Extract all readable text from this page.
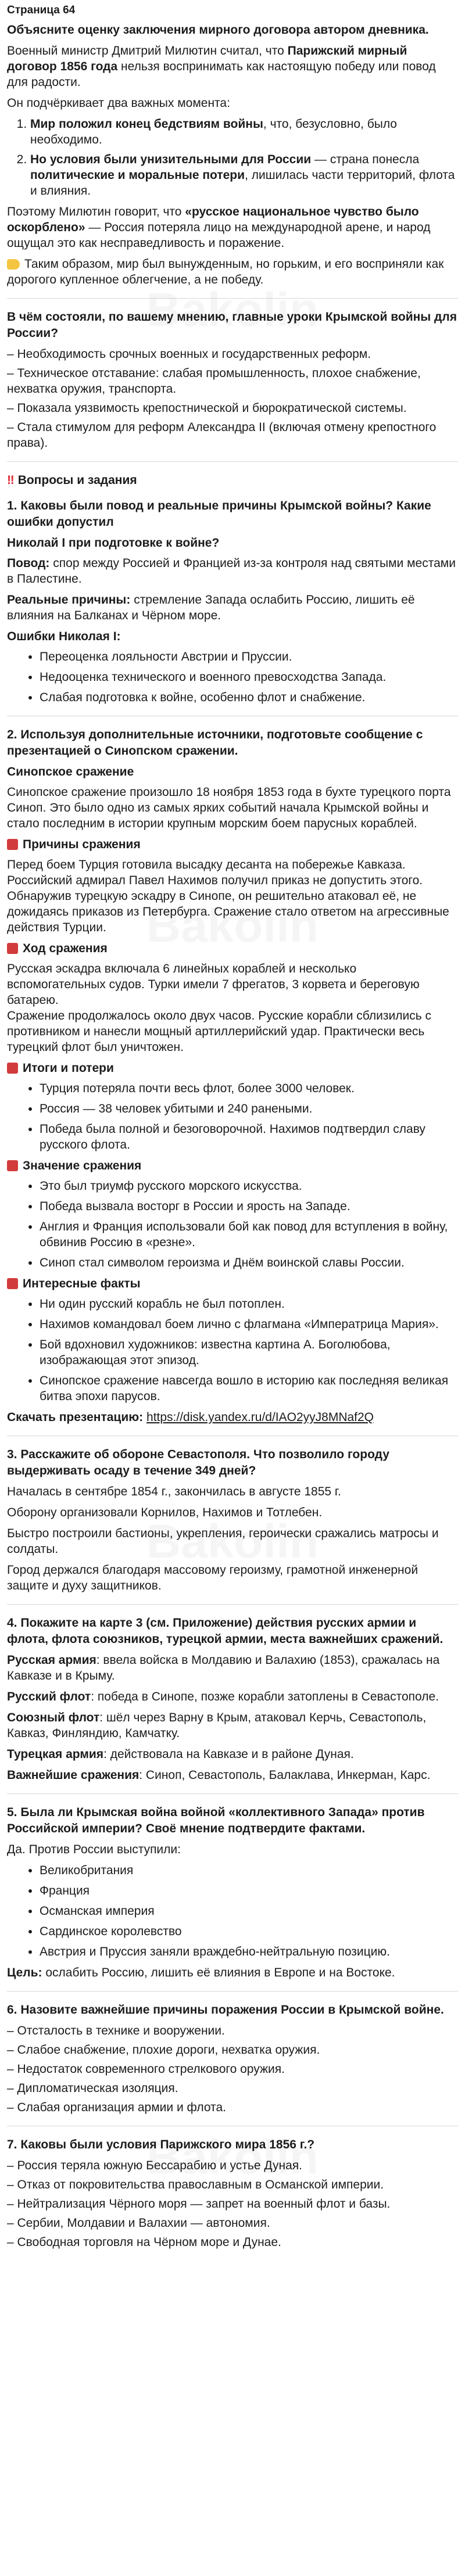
Страница 64
Объясните оценку заключения мирного договора автором дневника.

Военный министр Дмитрий Милютин считал, что Парижский мирный договор 1856 года нельзя воспринимать как настоящую победу или повод для радости.

Он подчёркивает два важных момента:

1. Мир положил конец бедствиям войны, что, безусловно, было необходимо.
2. Но условия были унизительными для России — страна понесла политические и моральные потери, лишилась части территорий, флота и влияния.

Поэтому Милютин говорит, что «русское национальное чувство было оскорблено» — Россия потеряла лицо на международной арене, и народ ощущал это как несправедливость и поражение.

Таким образом, мир был вынужденным, но горьким, и его восприняли как дорогого купленное облегчение, а не победу.

В чём состояли, по вашему мнению, главные уроки Крымской войны для России?
– Необходимость срочных военных и государственных реформ.
– Техническое отставание: слабая промышленность, плохое снабжение, нехватка оружия, транспорта.
– Показала уязвимость крепостнической и бюрократической системы.
– Стала стимулом для реформ Александра II (включая отмену крепостного права).
‼ Вопросы и задания
1. Каковы были повод и реальные причины Крымской войны? Какие ошибки допустил

Николай I при подготовке к войне?

Повод: спор между Россией и Францией из-за контроля над святыми местами в Палестине.

Реальные причины: стремление Запада ослабить Россию, лишить её влияния на Балканах и Чёрном море.

Ошибки Николая I:

• Переоценка лояльности Австрии и Пруссии.
• Недооценка технического и военного превосходства Запада.
• Слабая подготовка к войне, особенно флот и снабжение.
2. Используя дополнительные источники, подготовьте сообщение с презентацией о Синопском сражении.

Синопское сражение

Синопское сражение произошло 18 ноября 1853 года в бухте турецкого порта Синоп. Это было одно из самых ярких событий начала Крымской войны и стало последним в истории крупным морским боем парусных кораблей.

Причины сражения

Перед боем Турция готовила высадку десанта на побережье Кавказа. Российский адмирал Павел Нахимов получил приказ не допустить этого. Обнаружив турецкую эскадру в Синопе, он решительно атаковал её, не дожидаясь приказов из Петербурга. Сражение стало ответом на агрессивные действия Турции.

Ход сражения

Русская эскадра включала 6 линейных кораблей и несколько вспомогательных судов. Турки имели 7 фрегатов, 3 корвета и береговую батарею.

Сражение продолжалось около двух часов. Русские корабли сблизились с противником и нанесли мощный артиллерийский удар. Практически весь турецкий флот был уничтожен.

Итоги и потери

• Турция потеряла почти весь флот, более 3000 человек.
• Россия — 38 человек убитыми и 240 ранеными.
• Победа была полной и безоговорочной. Нахимов подтвердил славу русского флота.

Значение сражения

• Это был триумф русского морского искусства.
• Победа вызвала восторг в России и ярость на Западе.
• Англия и Франция использовали бой как повод для вступления в войну, обвинив Россию в «резне».
• Синоп стал символом героизма и Днём воинской славы России.

Интересные факты

• Ни один русский корабль не был потоплен.
• Нахимов командовал боем лично с флагмана «Императрица Мария».
• Бой вдохновил художников: известна картина А. Боголюбова, изображающая этот эпизод.
• Синопское сражение навсегда вошло в историю как последняя великая битва эпохи парусов.

Скачать презентацию: https://disk.yandex.ru/d/IAO2yyJ8MNaf2Q

3. Расскажите об обороне Севастополя. Что позволило городу выдерживать осаду в течение 349 дней?

Началась в сентябре 1854 г., закончилась в августе 1855 г.

Оборону организовали Корнилов, Нахимов и Тотлебен.

Быстро построили бастионы, укрепления, героически сражались матросы и солдаты.

Город держался благодаря массовому героизму, грамотной инженерной защите и духу защитников.

4. Покажите на карте 3 (см. Приложение) действия русских армии и флота, флота союзников, турецкой армии, места важнейших сражений.

Русская армия: ввела войска в Молдавию и Валахию (1853), сражалась на Кавказе и в Крыму.

Русский флот: победа в Синопе, позже корабли затоплены в Севастополе.

Союзный флот: шёл через Варну в Крым, атаковал Керчь, Севастополь, Кавказ, Финляндию, Камчатку.

Турецкая армия: действовала на Кавказе и в районе Дуная.

Важнейшие сражения: Синоп, Севастополь, Балаклава, Инкерман, Карс.

5. Была ли Крымская война войной «коллективного Запада» против Российской империи? Своё мнение подтвердите фактами.

Да. Против России выступили:

• Великобритания
• Франция
• Османская империя
• Сардинское королевство
• Австрия и Пруссия заняли враждебно-нейтральную позицию.

Цель: ослабить Россию, лишить её влияния в Европе и на Востоке.

6. Назовите важнейшие причины поражения России в Крымской войне.
– Отсталость в технике и вооружении.
– Слабое снабжение, плохие дороги, нехватка оружия.
– Недостаток современного стрелкового оружия.
– Дипломатическая изоляция.
– Слабая организация армии и флота.
7. Каковы были условия Парижского мира 1856 г.?
– Россия теряла южную Бессарабию и устье Дуная.
– Отказ от покровительства православным в Османской империи.
– Нейтрализация Чёрного моря — запрет на военный флот и базы.
– Сербии, Молдавии и Валахии — автономия.
– Свободная торговля на Чёрном море и Дунае.
